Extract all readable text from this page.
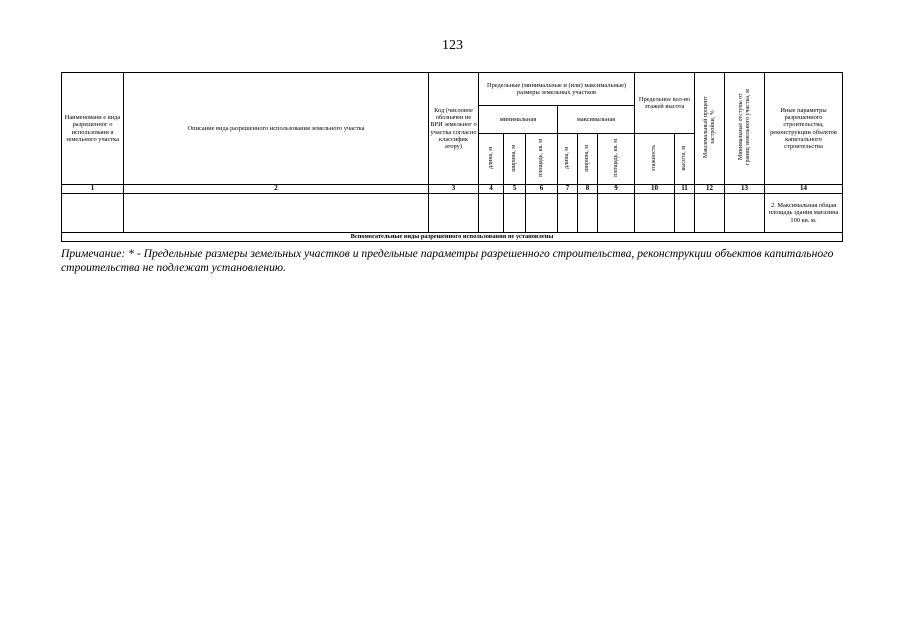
123
Наименовани е вида разрешенног о использовани я земельного участка	Описание вида разрешенного использования земельного участка	Код (числовое обозначен ие ВРИ земельног о участка согласно классифик атору)	Предельные (минимальные и (или) максимальные) размеры земельных участков						Предельное кол-во этажей высота		Максимальный процент застройки, %	Минимальные отступы от границ земельного участка, м	Иные параметры разрешенного строительства, реконструкции объектов капитального строительства
			минимальная			максимальная							
			длина, м	ширина, м	площадь, кв. м	длина, м	ширина, м	площадь, кв. м	этажность	высота, м			
1	2	3	4	5	6	7	8	9	10	11	12	13	14
													2. Максимальная общая площадь здания магазина 100 кв. м.
Вспомогательные виды разрешенного использования не установлены													
Примечание: * - Предельные размеры земельных участков и предельные параметры разрешенного строительства, реконструкции объектов капитального строительства не подлежат установлению.
